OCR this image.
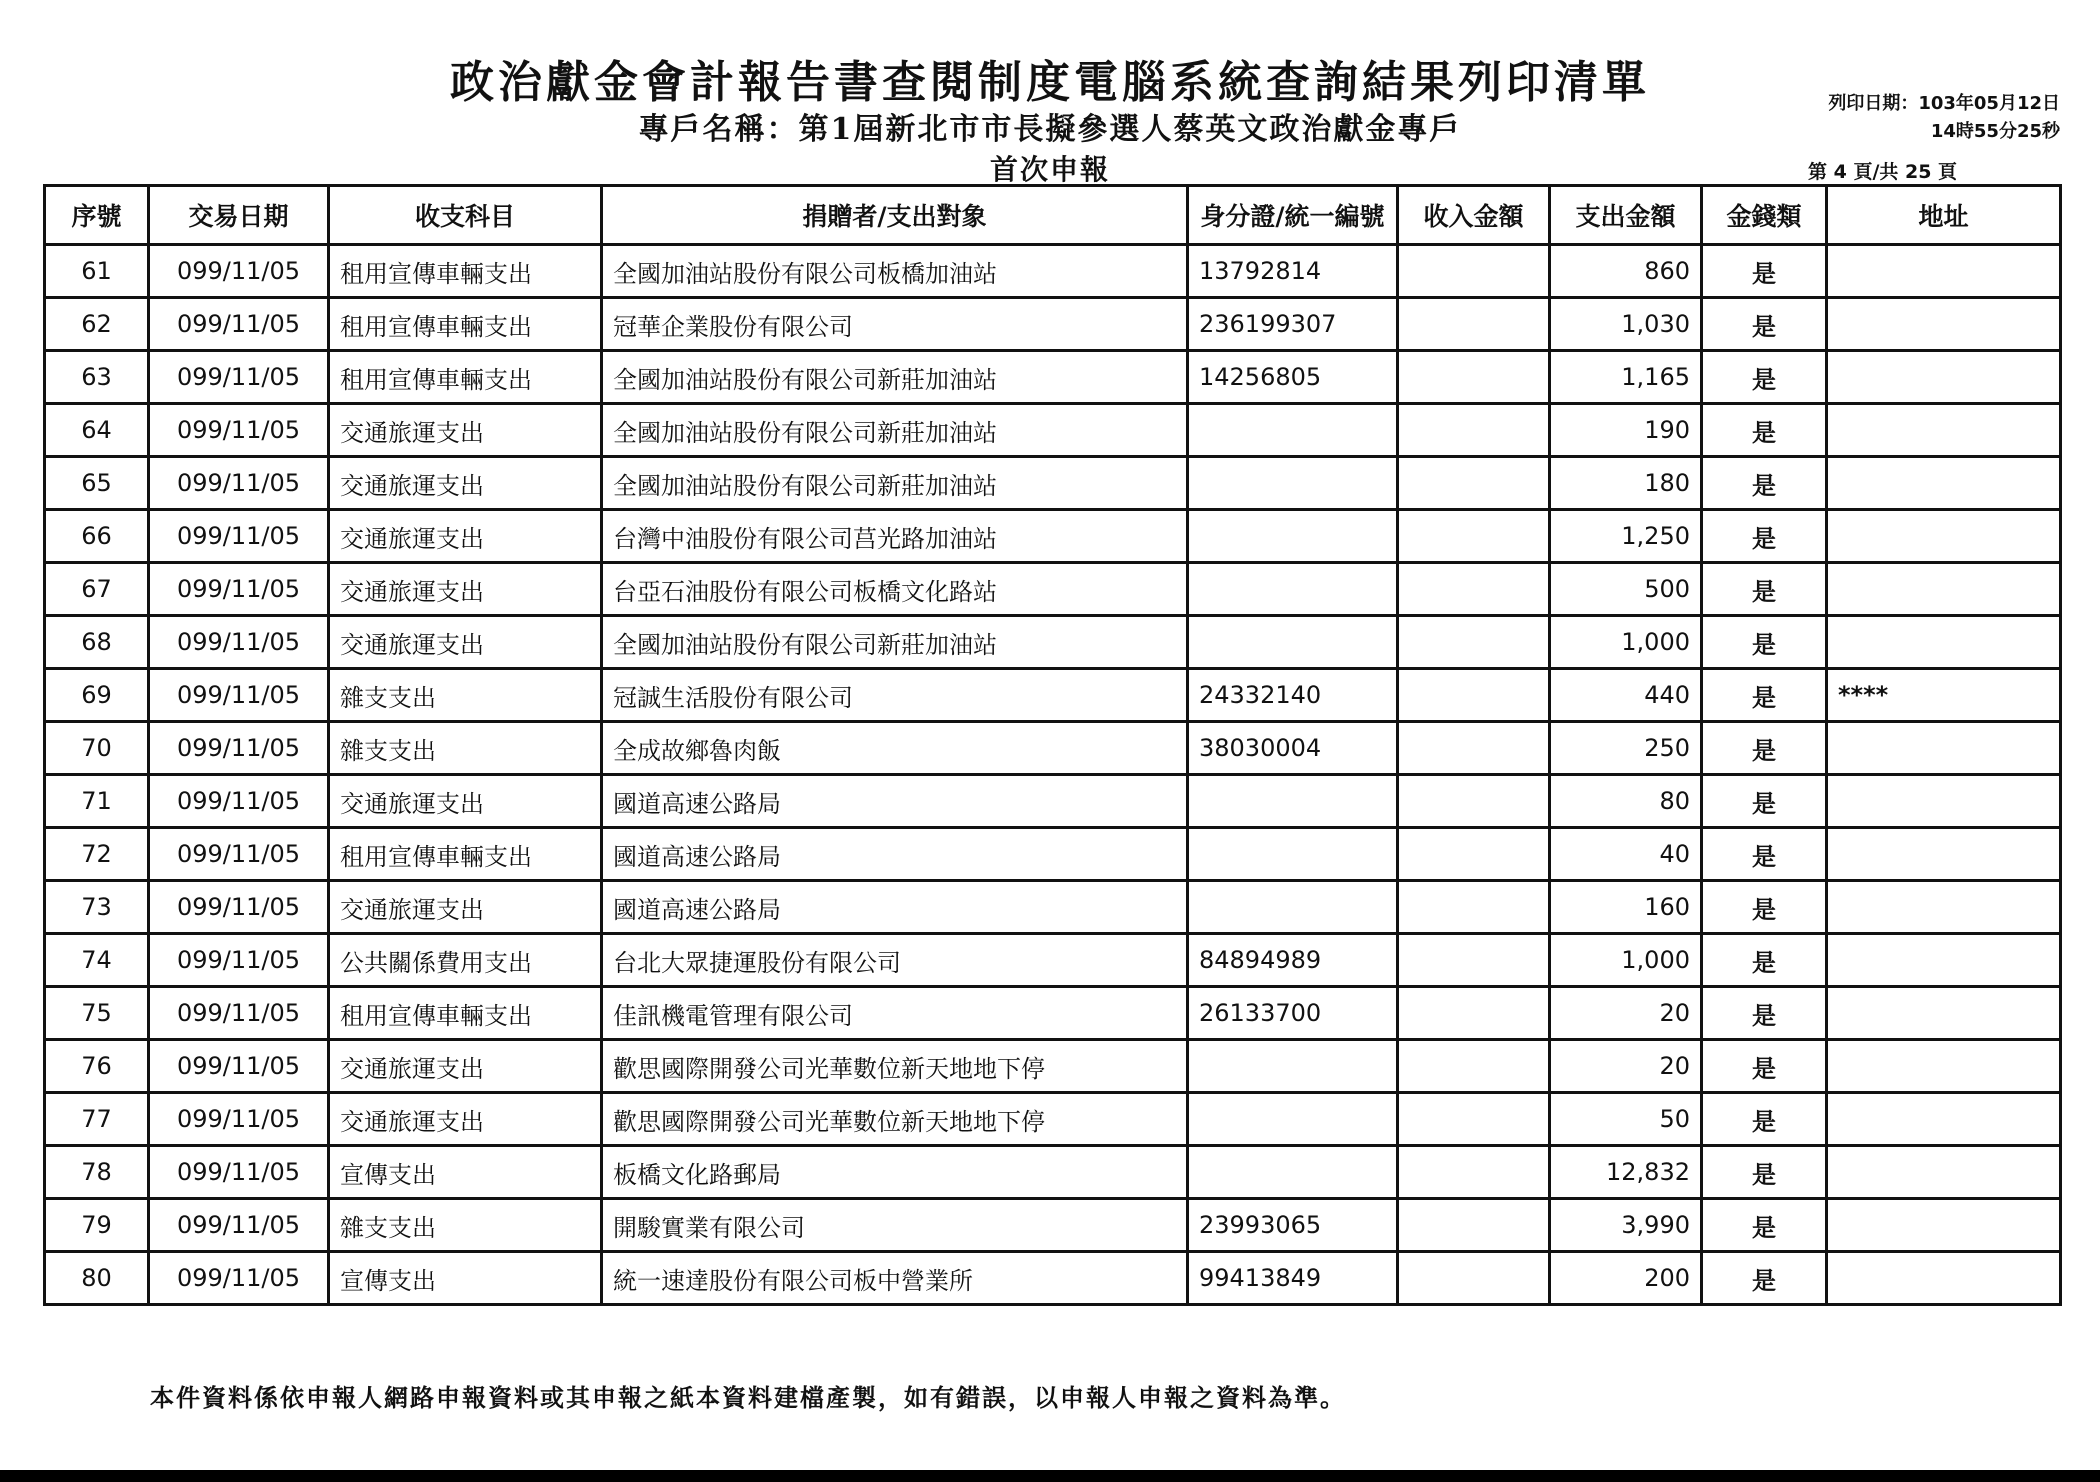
政治獻金會計報告書查閱制度電腦系統查詢結果列印清單
專戶名稱：第1屆新北市市長擬參選人蔡英文政治獻金專戶
首次申報
列印日期：103年05月12日
14時55分25秒
第 4 頁/共 25 頁
序號	交易日期	收支科目	捐贈者/支出對象	身分證/統一編號	收入金額	支出金額	金錢類	地址
61	099/11/05	租用宣傳車輛支出	全國加油站股份有限公司板橋加油站	13792814		860	是	
62	099/11/05	租用宣傳車輛支出	冠華企業股份有限公司	236199307		1,030	是	
63	099/11/05	租用宣傳車輛支出	全國加油站股份有限公司新莊加油站	14256805		1,165	是	
64	099/11/05	交通旅運支出	全國加油站股份有限公司新莊加油站			190	是	
65	099/11/05	交通旅運支出	全國加油站股份有限公司新莊加油站			180	是	
66	099/11/05	交通旅運支出	台灣中油股份有限公司莒光路加油站			1,250	是	
67	099/11/05	交通旅運支出	台亞石油股份有限公司板橋文化路站			500	是	
68	099/11/05	交通旅運支出	全國加油站股份有限公司新莊加油站			1,000	是	
69	099/11/05	雜支支出	冠誠生活股份有限公司	24332140		440	是	****
70	099/11/05	雜支支出	全成故鄉魯肉飯	38030004		250	是	
71	099/11/05	交通旅運支出	國道高速公路局			80	是	
72	099/11/05	租用宣傳車輛支出	國道高速公路局			40	是	
73	099/11/05	交通旅運支出	國道高速公路局			160	是	
74	099/11/05	公共關係費用支出	台北大眾捷運股份有限公司	84894989		1,000	是	
75	099/11/05	租用宣傳車輛支出	佳訊機電管理有限公司	26133700		20	是	
76	099/11/05	交通旅運支出	歡思國際開發公司光華數位新天地地下停			20	是	
77	099/11/05	交通旅運支出	歡思國際開發公司光華數位新天地地下停			50	是	
78	099/11/05	宣傳支出	板橋文化路郵局			12,832	是	
79	099/11/05	雜支支出	開駿實業有限公司	23993065		3,990	是	
80	099/11/05	宣傳支出	統一速達股份有限公司板中營業所	99413849		200	是	
本件資料係依申報人網路申報資料或其申報之紙本資料建檔產製，如有錯誤，以申報人申報之資料為準。
